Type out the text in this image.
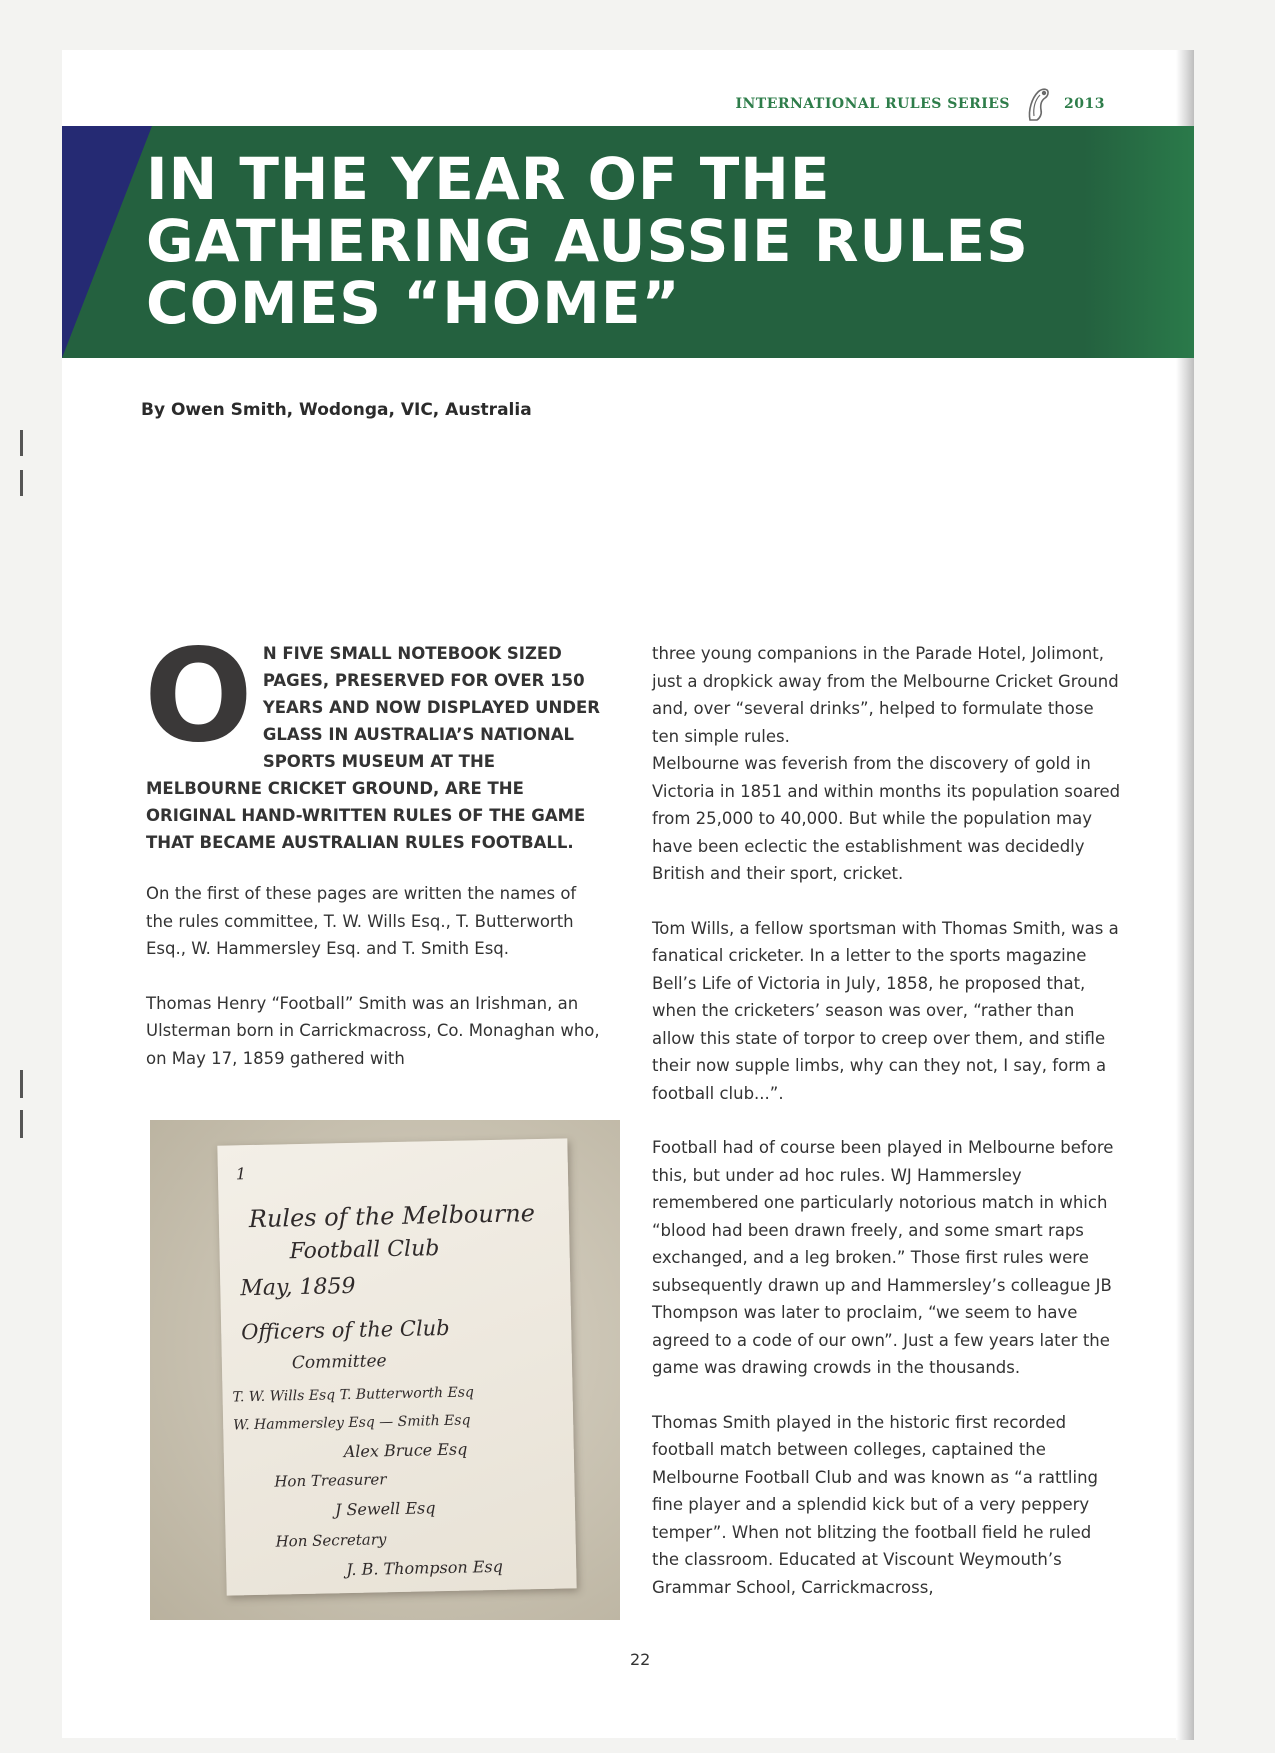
INTERNATIONAL RULES SERIES	2013
IN THE YEAR OF THE
GATHERING AUSSIE RULES
COMES “HOME”
By Owen Smith, Wodonga, VIC, Australia
O N FIVE SMALL NOTEBOOK SIZED PAGES, PRESERVED FOR OVER 150 YEARS AND NOW DISPLAYED UNDER GLASS IN AUSTRALIA’S NATIONAL SPORTS MUSEUM AT THE MELBOURNE CRICKET GROUND, ARE THE ORIGINAL HAND-WRITTEN RULES OF THE GAME THAT BECAME AUSTRALIAN RULES FOOTBALL.

On the first of these pages are written the names of the rules committee, T. W. Wills Esq., T. Butterworth Esq., W. Hammersley Esq. and T. Smith Esq.

Thomas Henry “Football” Smith was an Irishman, an Ulsterman born in Carrickmacross, Co. Monaghan who, on May 17, 1859 gathered with

1
Rules of the Melbourne
Football Club
May, 1859
Officers of the Club
Committee
T. W. Wills Esq T. Butterworth Esq
W. Hammersley Esq — Smith Esq
Alex Bruce Esq
Hon Treasurer
J Sewell Esq
Hon Secretary
J. B. Thompson Esq

three young companions in the Parade Hotel, Jolimont, just a dropkick away from the Melbourne Cricket Ground and, over “several drinks”, helped to formulate those ten simple rules.

Melbourne was feverish from the discovery of gold in Victoria in 1851 and within months its population soared from 25,000 to 40,000. But while the population may have been eclectic the establishment was decidedly British and their sport, cricket.

Tom Wills, a fellow sportsman with Thomas Smith, was a fanatical cricketer. In a letter to the sports magazine Bell’s Life of Victoria in July, 1858, he proposed that, when the cricketers’ season was over, “rather than allow this state of torpor to creep over them, and stifle their now supple limbs, why can they not, I say, form a football club...”.

Football had of course been played in Melbourne before this, but under ad hoc rules. WJ Hammersley remembered one particularly notorious match in which “blood had been drawn freely, and some smart raps exchanged, and a leg broken.” Those first rules were subsequently drawn up and Hammersley’s colleague JB Thompson was later to proclaim, “we seem to have agreed to a code of our own”. Just a few years later the game was drawing crowds in the thousands.

Thomas Smith played in the historic first recorded football match between colleges, captained the Melbourne Football Club and was known as “a rattling fine player and a splendid kick but of a very peppery temper”. When not blitzing the football field he ruled the classroom. Educated at Viscount Weymouth’s Grammar School, Carrickmacross,

22
